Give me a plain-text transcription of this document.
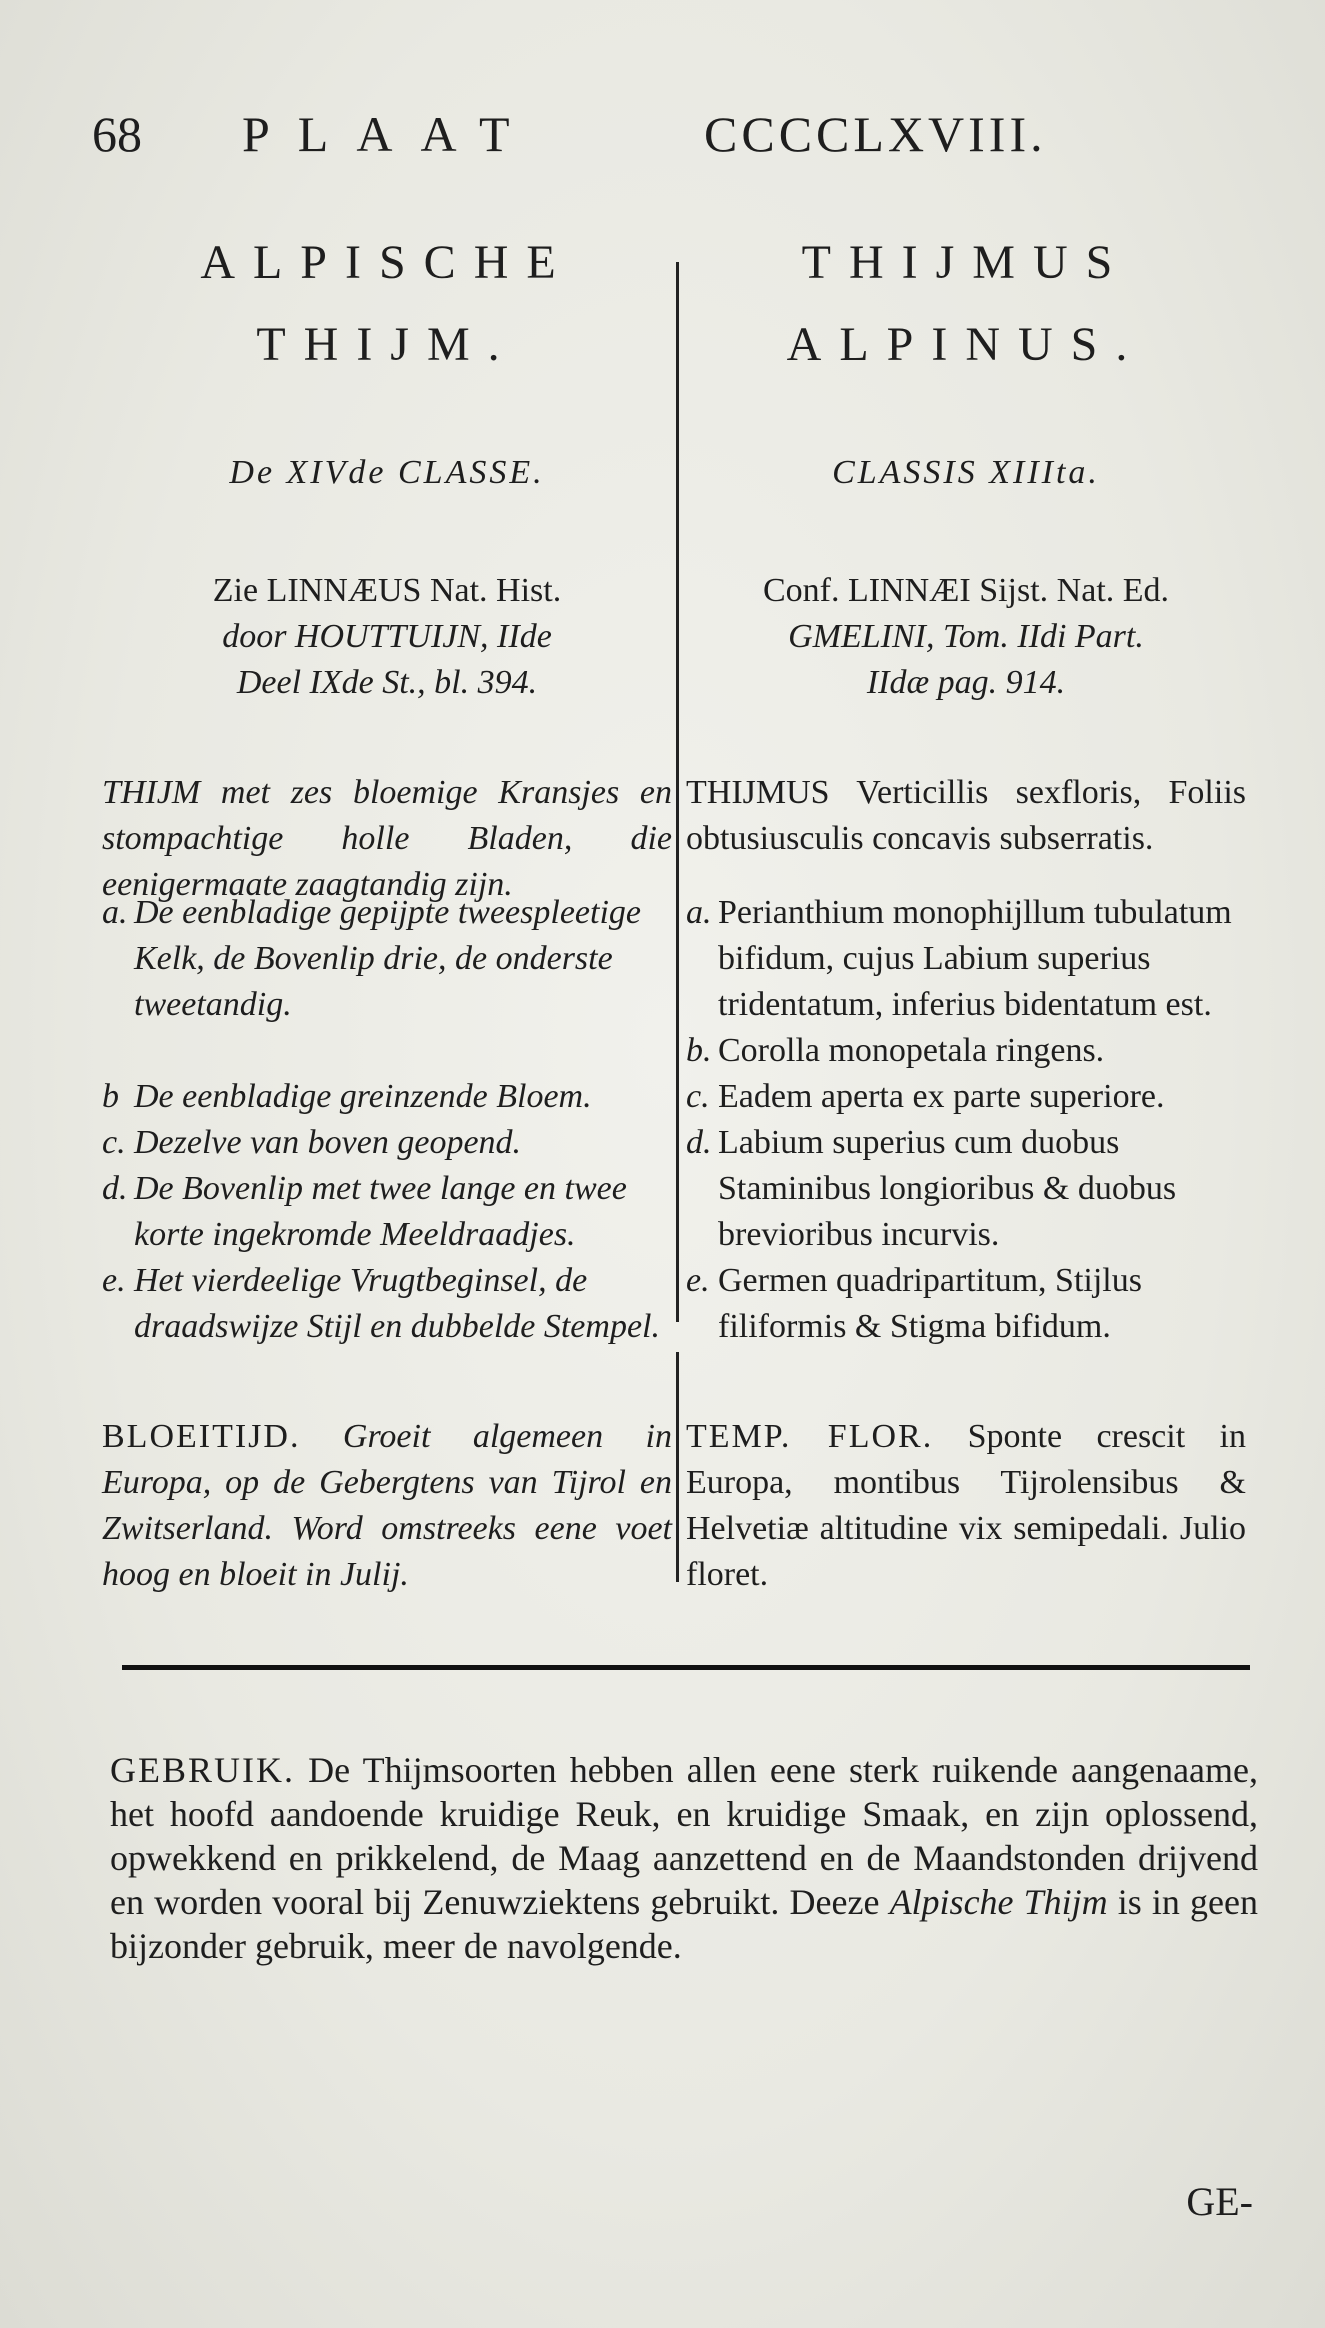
68 PLAAT	CCCCLXVIII.
ALPISCHE
THIJM.
De XIVde CLASSE.
Zie LINNÆUS Nat. Hist.
door HOUTTUIJN, IIde
Deel IXde St., bl. 394.
THIJM met zes bloemige Kransjes en stompachtige holle Bladen, die eenigermaate zaagtandig zijn.
a. De eenbladige gepijpte tweespleetige Kelk, de Bovenlip drie, de onderste tweetandig.
b De eenbladige greinzende Bloem.
c. Dezelve van boven geopend.
d. De Bovenlip met twee lange en twee korte ingekromde Meeldraadjes.
e. Het vierdeelige Vrugtbeginsel, de draadswijze Stijl en dubbelde Stempel.
BLOEITIJD. Groeit algemeen in Europa, op de Gebergtens van Tijrol en Zwitserland. Word omstreeks eene voet hoog en bloeit in Julij.
THIJMUS
ALPINUS.
CLASSIS XIIIta.
Conf. LINNÆI Sijst. Nat. Ed.
GMELINI, Tom. IIdi Part.
IIdæ pag. 914.
THIJMUS Verticillis sexfloris, Foliis obtusiusculis concavis subserratis.
a. Perianthium monophijllum tubulatum bifidum, cujus Labium superius tridentatum, inferius bidentatum est.
b. Corolla monopetala ringens.
c. Eadem aperta ex parte superiore.
d. Labium superius cum duobus Staminibus longioribus & duobus brevioribus incurvis.
e. Germen quadripartitum, Stijlus filiformis & Stigma bifidum.
TEMP. FLOR. Sponte crescit in Europa, montibus Tijrolensibus & Helvetiæ altitudine vix semipedali. Julio floret.
GEBRUIK. De Thijmsoorten hebben allen eene sterk ruikende aangenaame, het hoofd aandoende kruidige Reuk, en kruidige Smaak, en zijn oplossend, opwekkend en prikkelend, de Maag aanzettend en de Maandstonden drijvend en worden vooral bij Zenuwziektens gebruikt. Deeze Alpische Thijm is in geen bijzonder gebruik, meer de navolgende.
GE-
